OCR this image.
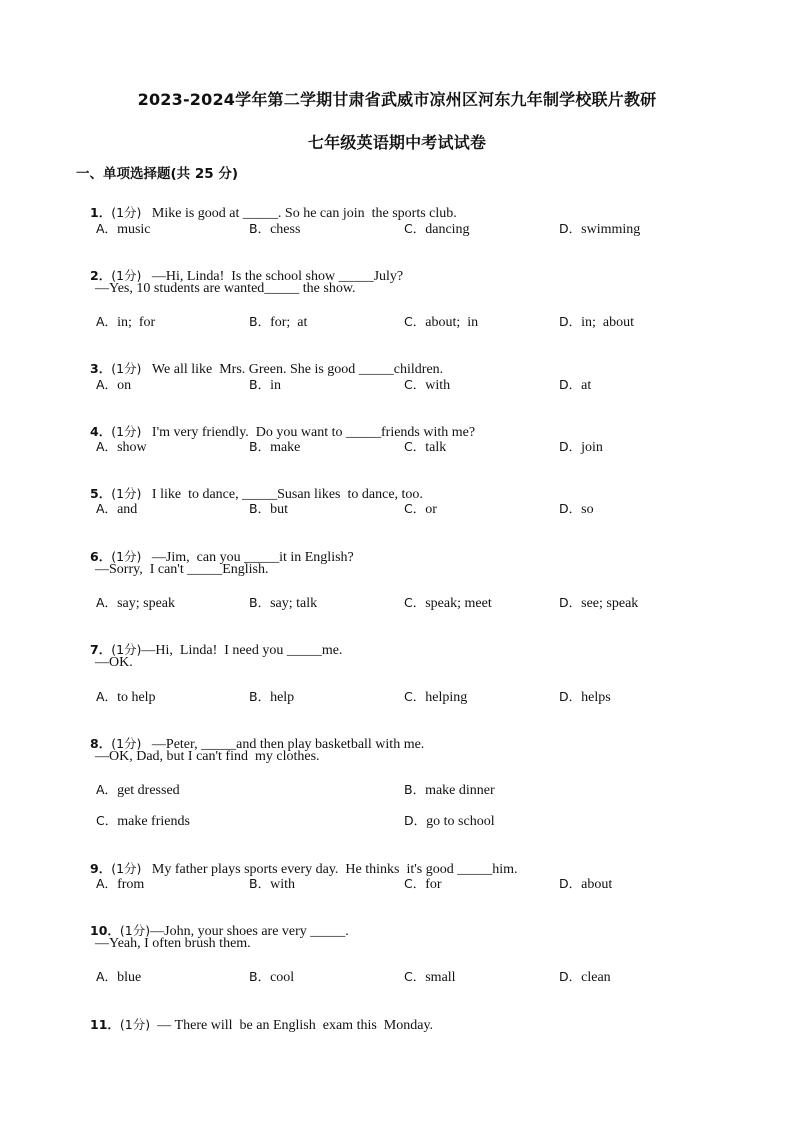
2023-2024学年第二学期甘肃省武威市凉州区河东九年制学校联片教研
七年级英语期中考试试卷
一、单项选择题(共 25 分)

1．(1分)   Mike is good at _____. So he can join  the sports club.

A．music	B．chess	C．dancing	D．swimming

2．(1分)   —Hi, Linda!  Is the school show _____July?

—Yes, 10 students are wanted_____ the show.
A．in;  for	B．for;  at	C．about;  in	D．in;  about

3．(1分)   We all like  Mrs. Green. She is good _____children.

A．on	B．in	C．with	D．at

4．(1分)   I'm very friendly.  Do you want to _____friends with me?

A．show	B．make	C．talk	D．join

5．(1分)   I like  to dance, _____Susan likes  to dance, too.

A．and	B．but	C．or	D．so

6．(1分)   —Jim,  can you _____it in English?

—Sorry,  I can't _____English.
A．say; speak	B．say; talk	C．speak; meet	D．see; speak

7．(1分)—Hi,  Linda!  I need you _____me.

—OK.
A．to help	B．help	C．helping	D．helps

8．(1分)   —Peter, _____and then play basketball with me.

—OK, Dad, but I can't find  my clothes.
A．get dressed	B．make dinner
C．make friends	D．go to school

9．(1分)   My father plays sports every day.  He thinks  it's good _____him.

A．from	B．with	C．for	D．about

10．(1分)—John, your shoes are very _____.

—Yeah, I often brush them.
A．blue	B．cool	C．small	D．clean

11．(1分)  — There will  be an English  exam this  Monday.
